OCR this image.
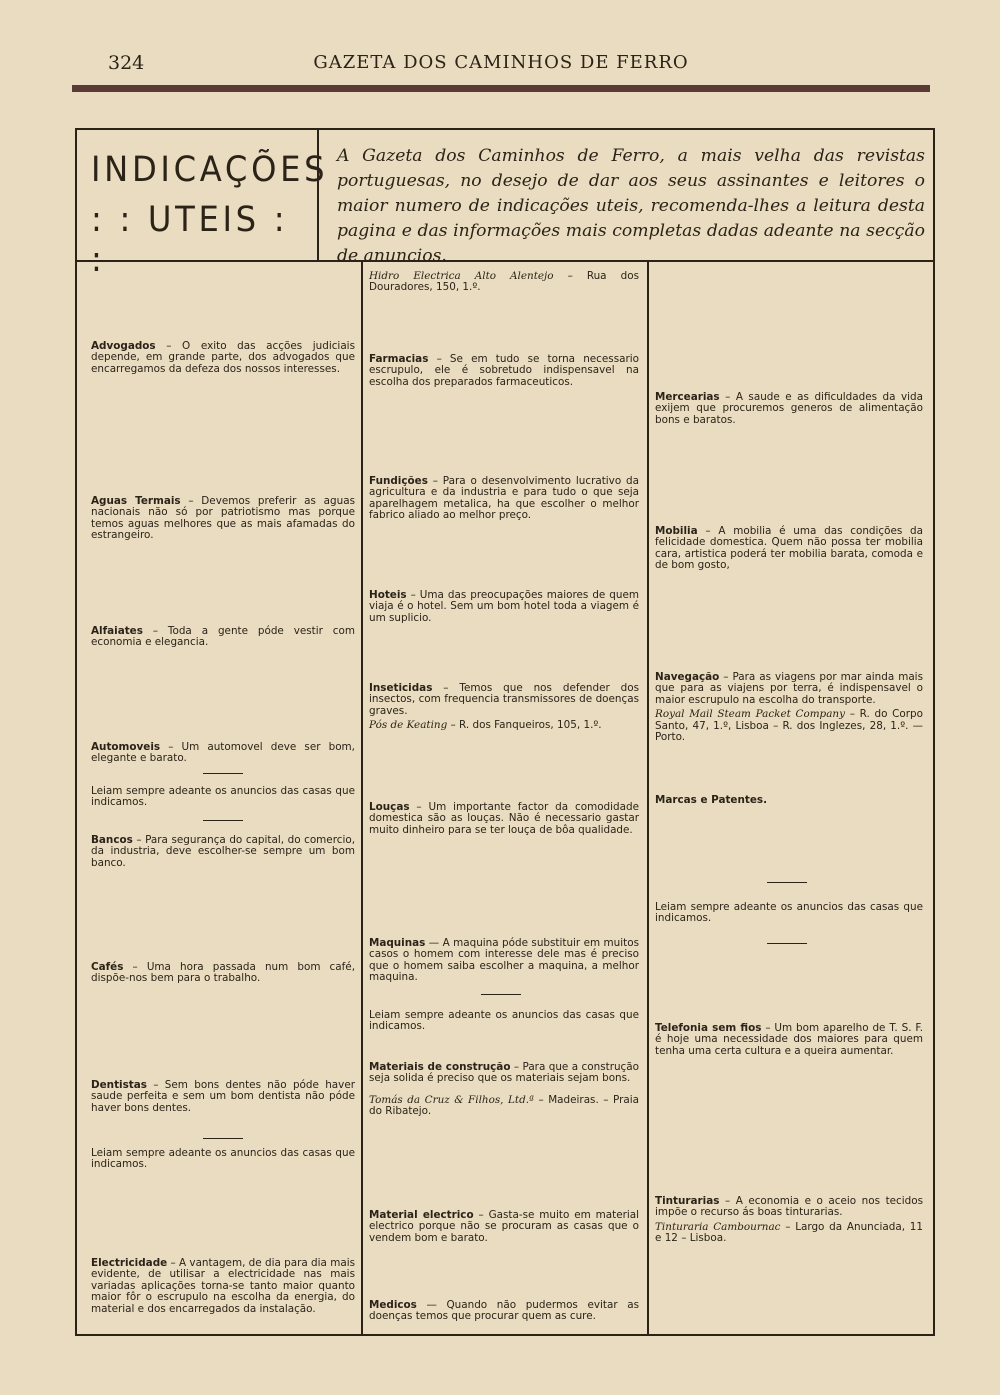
324	GAZETA DOS CAMINHOS DE FERRO
INDICAÇÕES
: : UTEIS : :
A Gazeta dos Caminhos de Ferro, a mais velha das revistas portuguesas, no desejo de dar aos seus assinantes e leitores o maior numero de indicações uteis, recomenda-lhes a leitura desta pagina e das informações mais completas dadas adeante na secção de anuncios.
Advogados – O exito das acções judiciais depende, em grande parte, dos advogados que encarregamos da defeza dos nossos interesses.
Aguas Termais – Devemos preferir as aguas nacionais não só por patriotismo mas porque temos aguas melhores que as mais afamadas do estrangeiro.
Alfaiates – Toda a gente póde vestir com economia e elegancia.
Automoveis – Um automovel deve ser bom, elegante e barato.
Leiam sempre adeante os anuncios das casas que indicamos.
Bancos – Para segurança do capital, do comercio, da industria, deve escolher-se sempre um bom banco.
Cafés – Uma hora passada num bom café, dispõe-nos bem para o trabalho.
Dentistas – Sem bons dentes não póde haver saude perfeita e sem um bom dentista não póde haver bons dentes.
Leiam sempre adeante os anuncios das casas que indicamos.
Electricidade – A vantagem, de dia para dia mais evidente, de utilisar a electricidade nas mais variadas aplicações torna-se tanto maior quanto maior fôr o escrupulo na escolha da energia, do material e dos encarregados da instalação.
Hidro Electrica Alto Alentejo – Rua dos Douradores, 150, 1.º.
Farmacias – Se em tudo se torna necessario escrupulo, ele é sobretudo indispensavel na escolha dos preparados farmaceuticos.
Fundições – Para o desenvolvimento lucrativo da agricultura e da industria e para tudo o que seja aparelhagem metalica, ha que escolher o melhor fabrico aliado ao melhor preço.
Hoteis – Uma das preocupações maiores de quem viaja é o hotel. Sem um bom hotel toda a viagem é um suplicio.
Inseticidas – Temos que nos defender dos insectos, com frequencia transmissores de doenças graves.
Pós de Keating – R. dos Fanqueiros, 105, 1.º.
Louças – Um importante factor da comodidade domestica são as louças. Não é necessario gastar muito dinheiro para se ter louça de bôa qualidade.
Maquinas — A maquina póde substituir em muitos casos o homem com interesse dele mas é preciso que o homem saiba escolher a maquina, a melhor maquina.
Leiam sempre adeante os anuncios das casas que indicamos.
Materiais de construção – Para que a construção seja solida é preciso que os materiais sejam bons.
Tomás da Cruz & Filhos, Ltd.ª – Madeiras. – Praia do Ribatejo.
Material electrico – Gasta-se muito em material electrico porque não se procuram as casas que o vendem bom e barato.
Medicos — Quando não pudermos evitar as doenças temos que procurar quem as cure.
Mercearias – A saude e as dificuldades da vida exijem que procuremos generos de alimentação bons e baratos.
Mobilia – A mobilia é uma das condições da felicidade domestica. Quem não possa ter mobilia cara, artistica poderá ter mobilia barata, comoda e de bom gosto,
Navegação – Para as viagens por mar ainda mais que para as viajens por terra, é indispensavel o maior escrupulo na escolha do transporte.
Royal Mail Steam Packet Company – R. do Corpo Santo, 47, 1.º, Lisboa – R. dos Inglezes, 28, 1.º. — Porto.
Marcas e Patentes.
Leiam sempre adeante os anuncios das casas que indicamos.
Telefonia sem fios – Um bom aparelho de T. S. F. é hoje uma necessidade dos maiores para quem tenha uma certa cultura e a queira aumentar.
Tinturarias – A economia e o aceio nos tecidos impõe o recurso ás boas tinturarias.
Tinturaria Cambournac – Largo da Anunciada, 11 e 12 – Lisboa.
